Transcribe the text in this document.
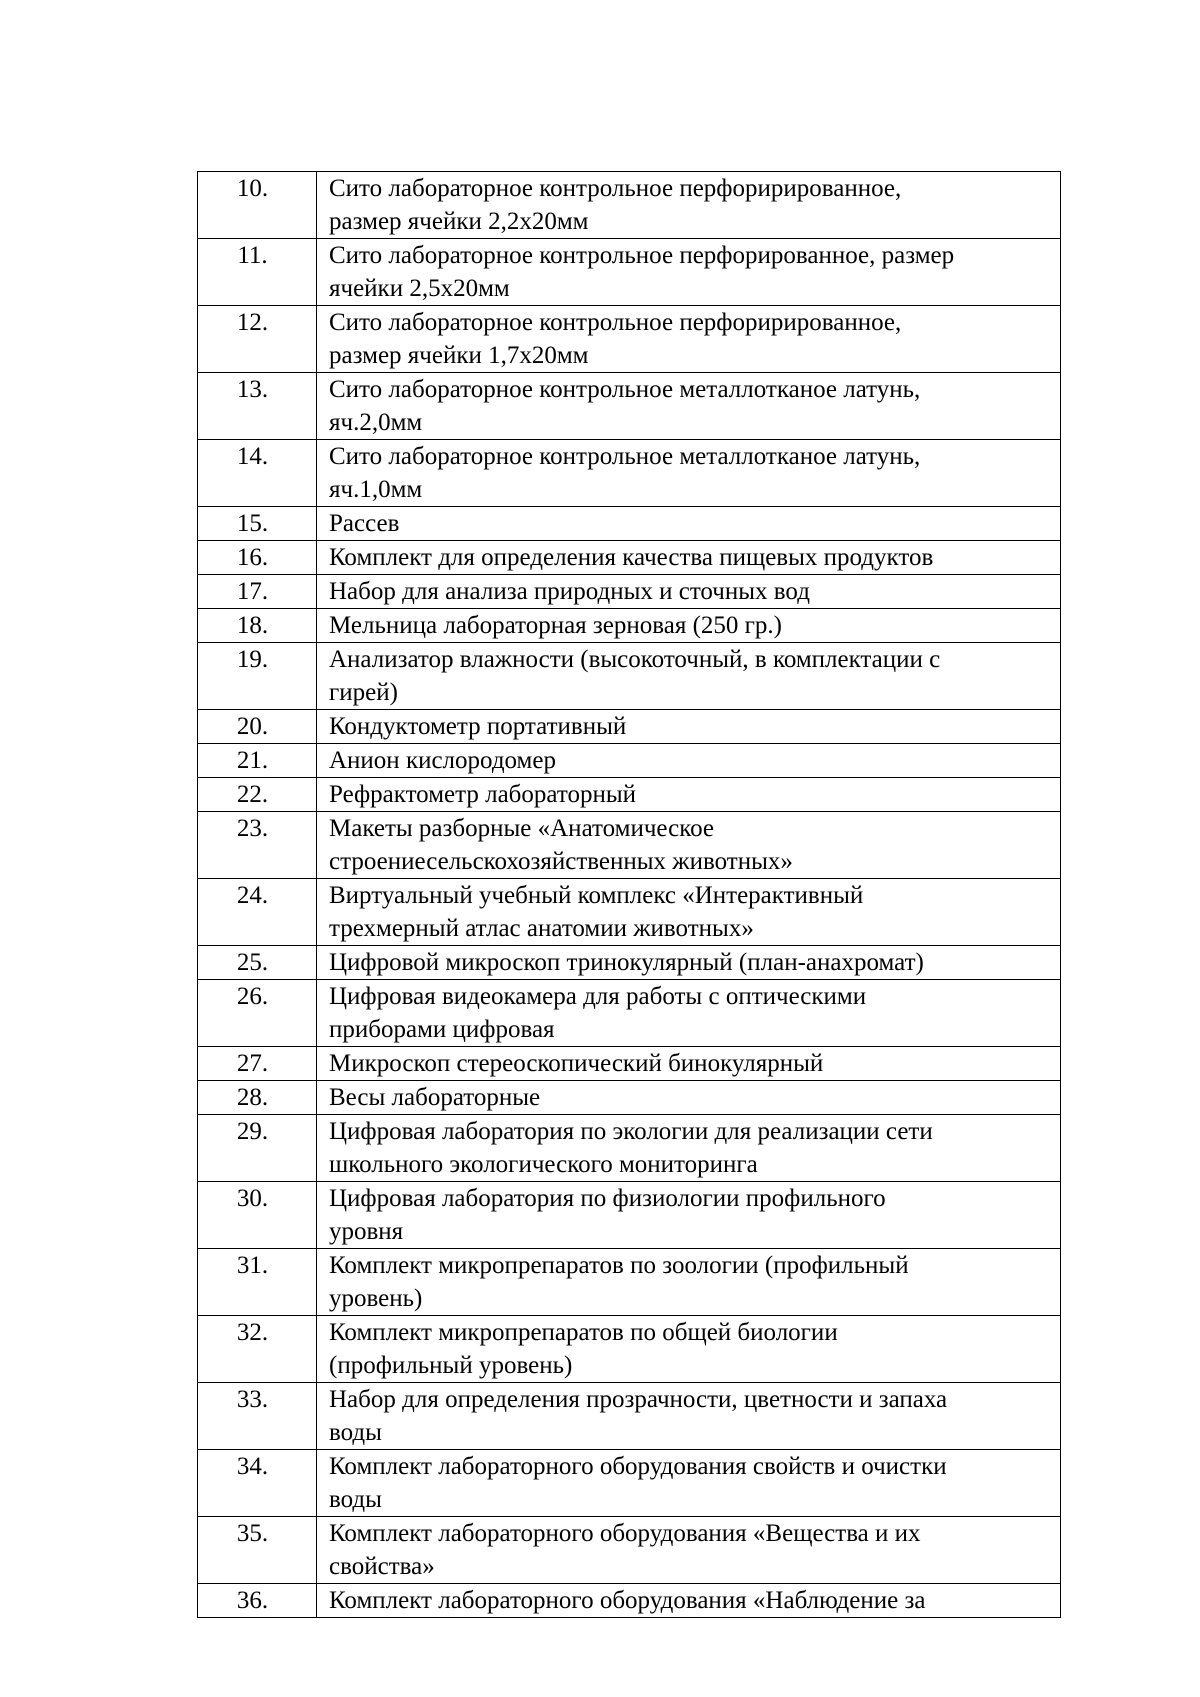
10.	Сито лабораторное контрольное перфорирированное,
размер ячейки 2,2х20мм

11.	Сито лабораторное контрольное перфорированное, размер
ячейки 2,5х20мм

12.	Сито лабораторное контрольное перфорирированное,
размер ячейки 1,7х20мм

13.	Сито лабораторное контрольное металлотканое латунь,
яч.2,0мм

14.	Сито лабораторное контрольное металлотканое латунь,
яч.1,0мм

15.	Рассев

16.	Комплект для определения качества пищевых продуктов

17.	Набор для анализа природных и сточных вод

18.	Мельница лабораторная зерновая (250 гр.)

19.	Анализатор влажности (высокоточный, в комплектации с
гирей)

20.	Кондуктометр портативный

21.	Анион кислородомер

22.	Рефрактометр лабораторный

23.	Макеты разборные «Анатомическое
строениесельскохозяйственных животных»

24.	Виртуальный учебный комплекс «Интерактивный
трехмерный атлас анатомии животных»

25.	Цифровой микроскоп тринокулярный (план-анахромат)

26.	Цифровая видеокамера для работы с оптическими
приборами цифровая

27.	Микроскоп стереоскопический бинокулярный

28.	Весы лабораторные

29.	Цифровая лаборатория по экологии для реализации сети
школьного экологического мониторинга

30.	Цифровая лаборатория по физиологии профильного
уровня

31.	Комплект микропрепаратов по зоологии (профильный
уровень)

32.	Комплект микропрепаратов по общей биологии
(профильный уровень)

33.	Набор для определения прозрачности, цветности и запаха
воды

34.	Комплект лабораторного оборудования свойств и очистки
воды

35.	Комплект лабораторного оборудования «Вещества и их
свойства»

36.	Комплект лабораторного оборудования «Наблюдение за
